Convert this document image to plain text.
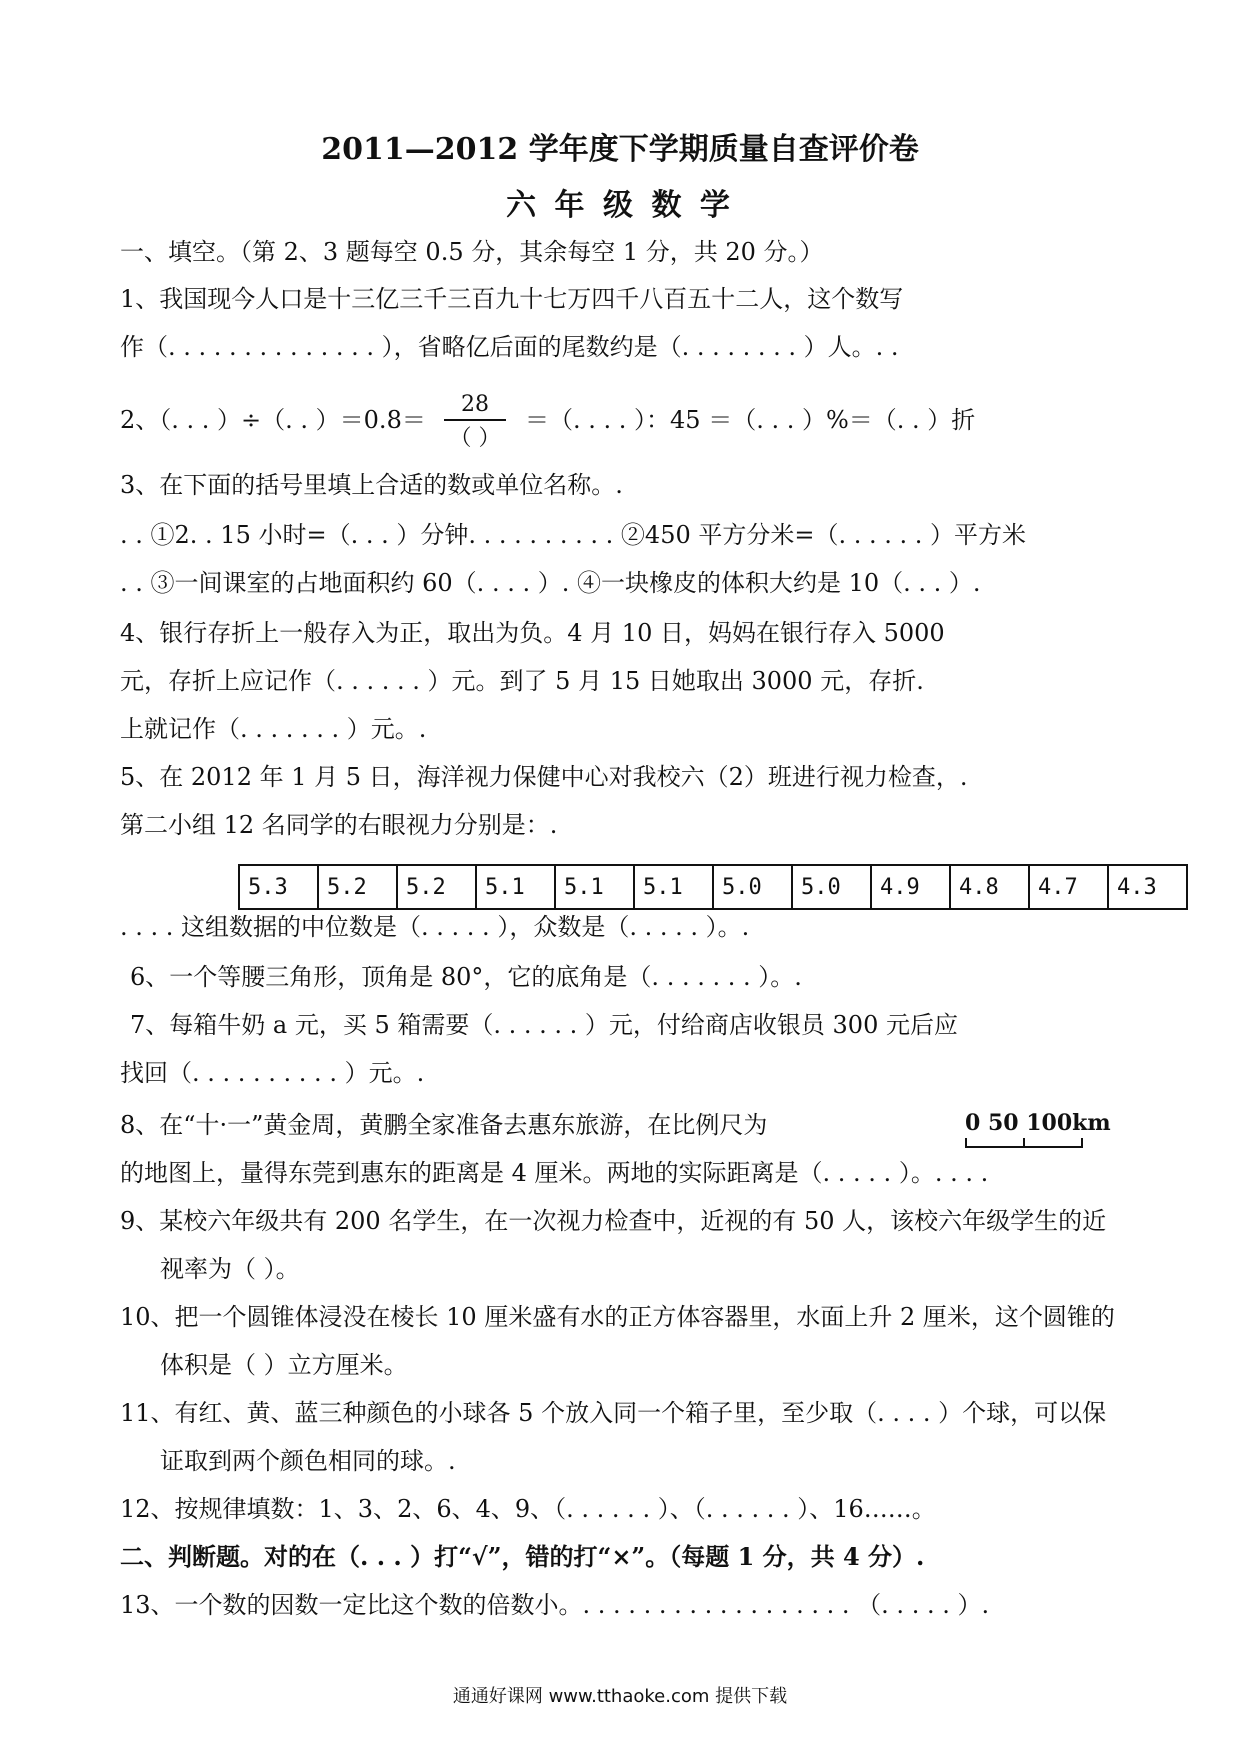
2011—2012 学年度下学期质量自查评价卷
六 年 级 数 学
一、填空。（第 2、3 题每空 0.5 分，其余每空 1 分，共 20 分。）
1、我国现今人口是十三亿三千三百九十七万四千八百五十二人，这个数写
作（. . . . . . . . . . . . . . ），省略亿后面的尾数约是（. . . . . . . . ）人。. .
2、（. . . ）÷（. . ）＝0.8＝
28
（ ）
＝（. . . . ）：45 ＝（. . . ）%＝（. . ）折
3、在下面的括号里填上合适的数或单位名称。.
. . ①2. . 15 小时=（. . . ）分钟. . . . . . . . . . ②450 平方分米=（. . . . . . ）平方米
. . ③一间课室的占地面积约 60（. . . . ）. ④一块橡皮的体积大约是 10（. . . ）.
4、银行存折上一般存入为正，取出为负。4 月 10 日，妈妈在银行存入 5000
元，存折上应记作（. . . . . . ）元。到了 5 月 15 日她取出 3000 元，存折.
上就记作（. . . . . . . ）元。.
5、在 2012 年 1 月 5 日，海洋视力保健中心对我校六（2）班进行视力检查，.
第二小组 12 名同学的右眼视力分别是：.
5.3	5.2	5.2	5.1	5.1	5.1	5.0	5.0	4.9	4.8	4.7	4.3
. . . . 这组数据的中位数是（. . . . . ），众数是（. . . . . ）。.
6、一个等腰三角形，顶角是 80°，它的底角是（. . . . . . . ）。.
7、每箱牛奶 a 元，买 5 箱需要（. . . . . . ）元，付给商店收银员 300 元后应
找回（. . . . . . . . . . ）元。.
8、在“十·一”黄金周，黄鹏全家准备去惠东旅游，在比例尺为	0 50 100km
的地图上，量得东莞到惠东的距离是 4 厘米。两地的实际距离是（. . . . . ）。. . . .
9、某校六年级共有 200 名学生，在一次视力检查中，近视的有 50 人，该校六年级学生的近
视率为（ ）。
10、把一个圆锥体浸没在棱长 10 厘米盛有水的正方体容器里，水面上升 2 厘米，这个圆锥的
体积是（ ）立方厘米。
11、有红、黄、蓝三种颜色的小球各 5 个放入同一个箱子里，至少取（. . . . ）个球，可以保
证取到两个颜色相同的球。.
12、按规律填数：1、3、2、6、4、9、（. . . . . . ）、（. . . . . . ）、16……。
二、判断题。对的在（. . . ）打“√”，错的打“×”。（每题 1 分，共 4 分）.
13、一个数的因数一定比这个数的倍数小。. . . . . . . . . . . . . . . . . . （. . . . . ）.
通通好课网 www.tthaoke.com 提供下载
